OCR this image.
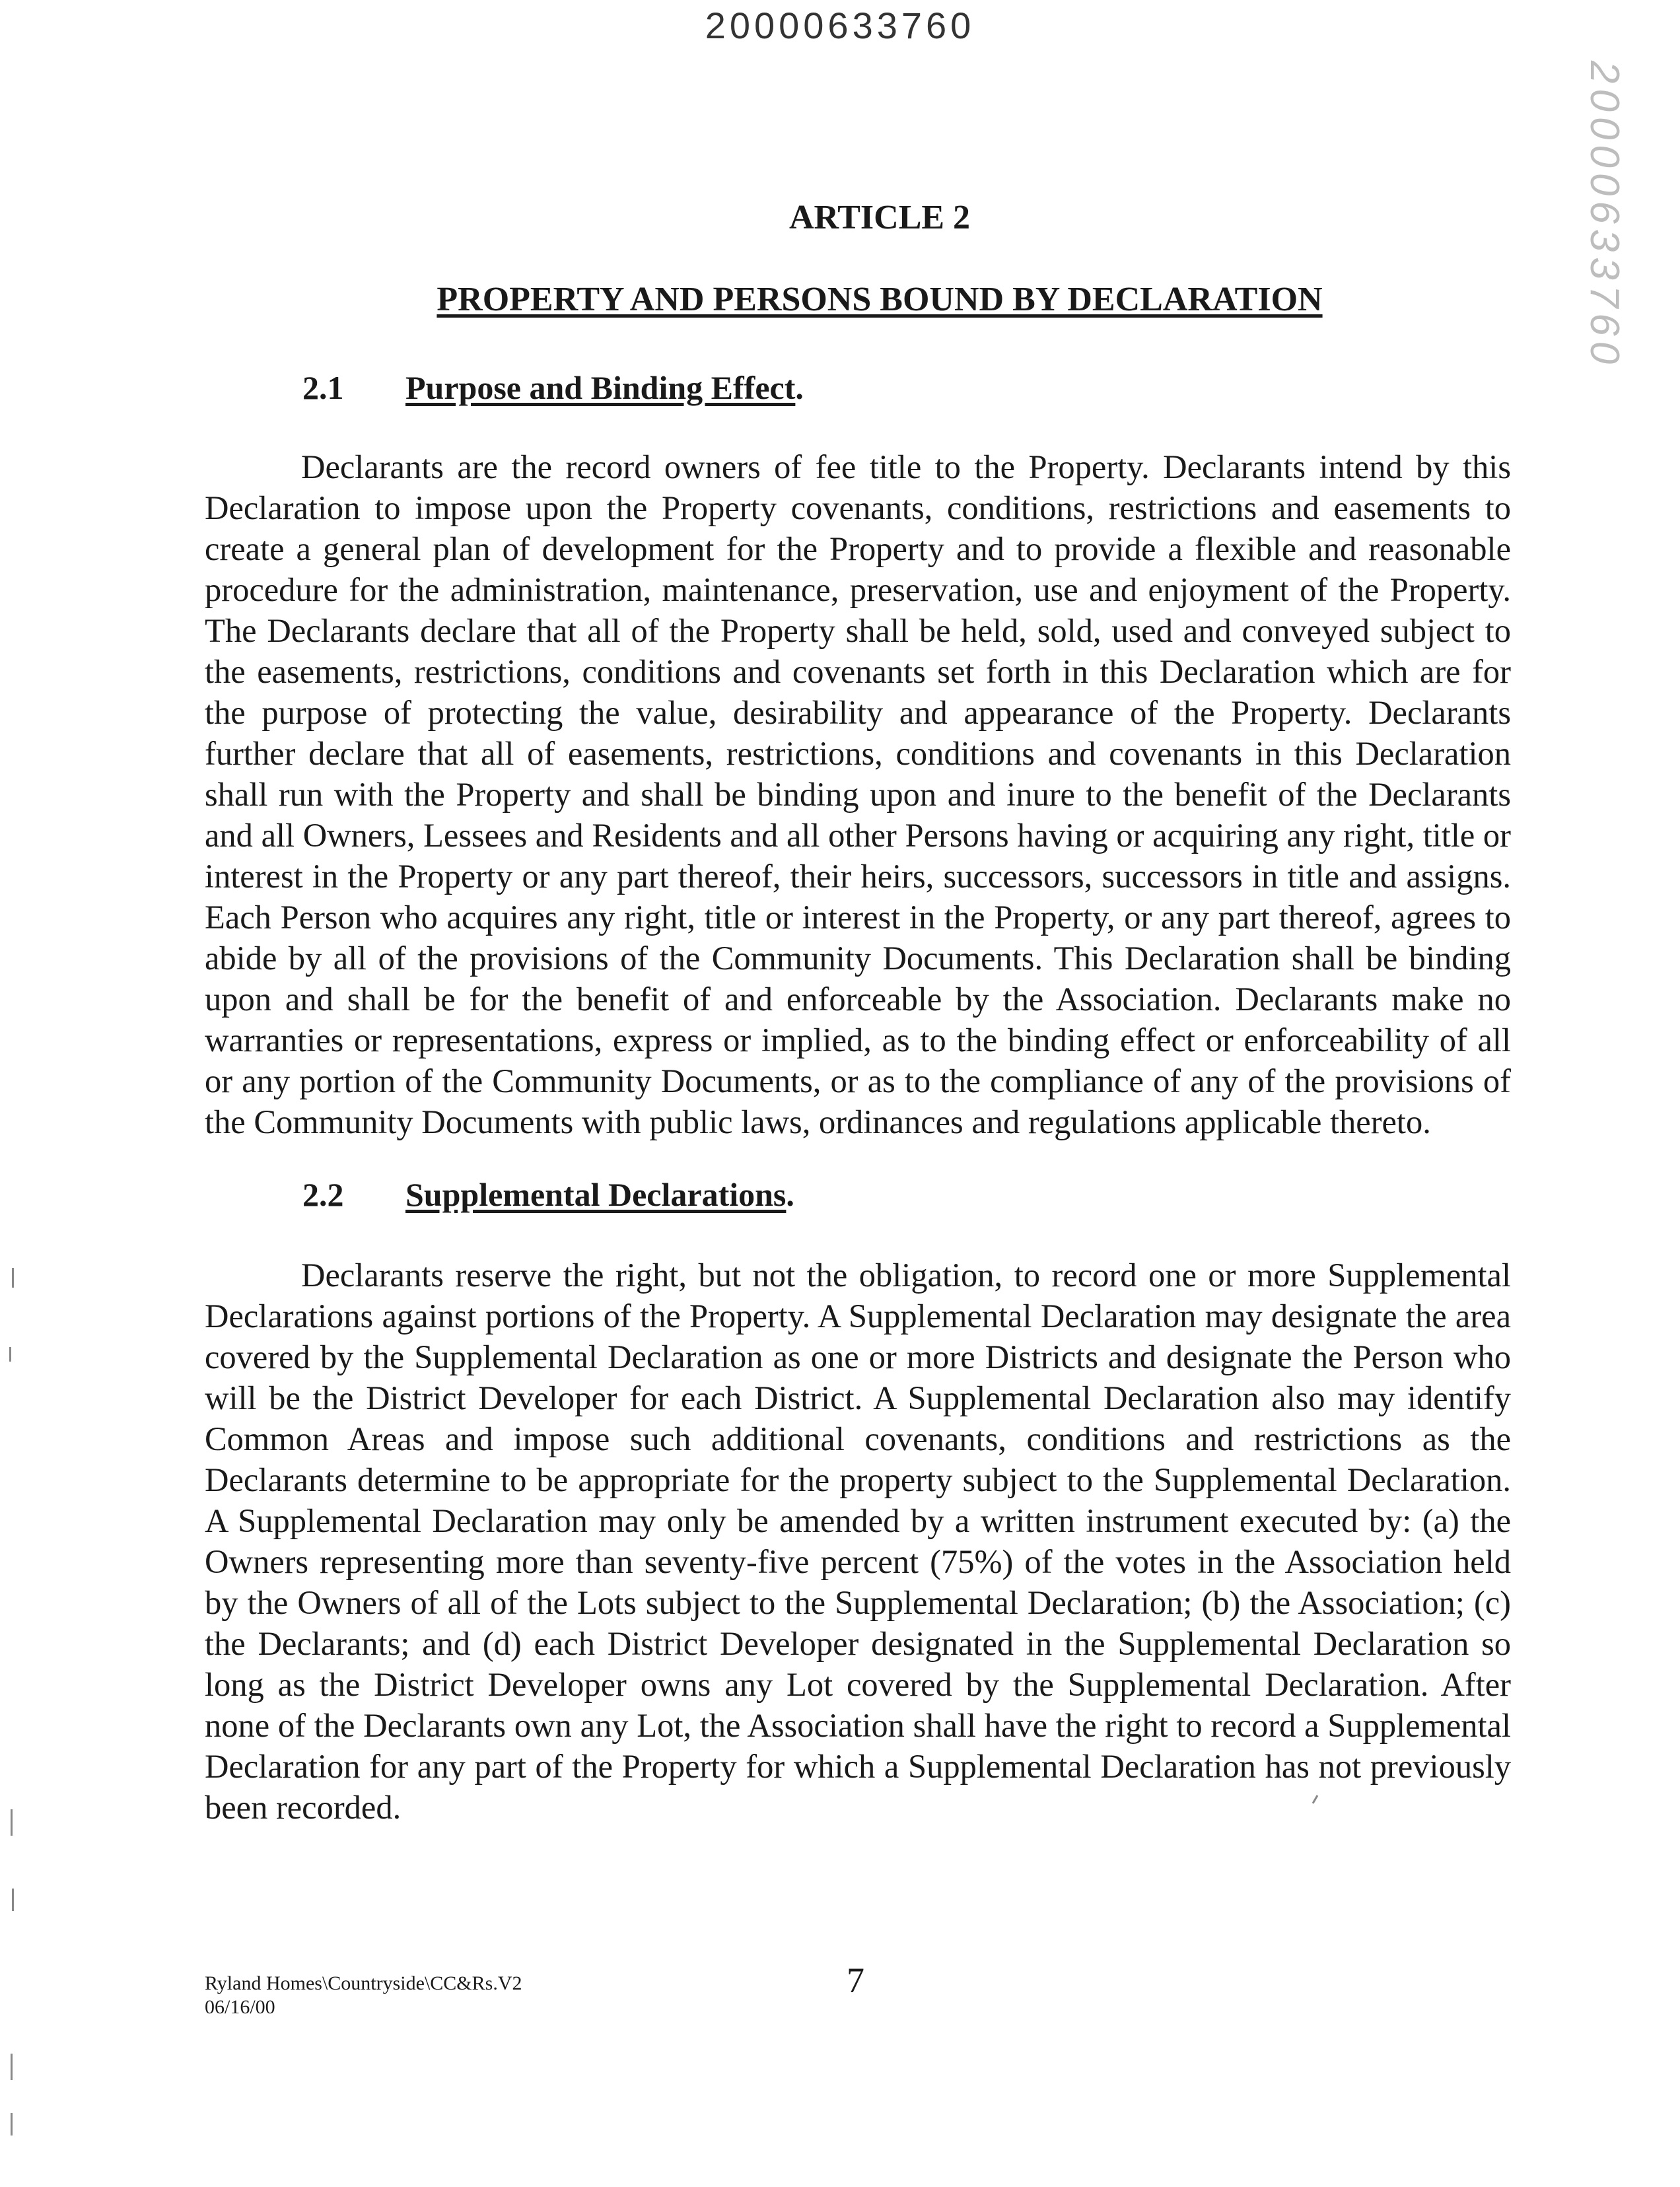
20000633760
20000633760
ARTICLE 2
PROPERTY AND PERSONS BOUND BY DECLARATION
2.1	Purpose and Binding Effect .

Declarants are the record owners of fee title to the Property. Declarants intend by this Declaration to impose upon the Property covenants, conditions, restrictions and easements to create a general plan of development for the Property and to provide a flexible and reasonable procedure for the administration, maintenance, preservation, use and enjoyment of the Property. The Declarants declare that all of the Property shall be held, sold, used and conveyed subject to the easements, restrictions, conditions and covenants set forth in this Declaration which are for the purpose of protecting the value, desirability and appearance of the Property. Declarants further declare that all of easements, restrictions, conditions and covenants in this Declaration shall run with the Property and shall be binding upon and inure to the benefit of the Declarants and all Owners, Lessees and Residents and all other Persons having or acquiring any right, title or interest in the Property or any part thereof, their heirs, successors, successors in title and assigns. Each Person who acquires any right, title or interest in the Property, or any part thereof, agrees to abide by all of the provisions of the Community Documents. This Declaration shall be binding upon and shall be for the benefit of and enforceable by the Association. Declarants make no warranties or representations, express or implied, as to the binding effect or enforceability of all or any portion of the Community Documents, or as to the compliance of any of the provisions of the Community Documents with public laws, ordinances and regulations applicable thereto.

2.2	Supplemental Declarations .

Declarants reserve the right, but not the obligation, to record one or more Supplemental Declarations against portions of the Property. A Supplemental Declaration may designate the area covered by the Supplemental Declaration as one or more Districts and designate the Person who will be the District Developer for each District. A Supplemental Declaration also may identify Common Areas and impose such additional covenants, conditions and restrictions as the Declarants determine to be appropriate for the property subject to the Supplemental Declaration. A Supplemental Declaration may only be amended by a written instrument executed by: (a) the Owners representing more than seventy-five percent (75%) of the votes in the Association held by the Owners of all of the Lots subject to the Supplemental Declaration; (b) the Association; (c) the Declarants; and (d) each District Developer designated in the Supplemental Declaration so long as the District Developer owns any Lot covered by the Supplemental Declaration. After none of the Declarants own any Lot, the Association shall have the right to record a Supplemental Declaration for any part of the Property for which a Supplemental Declaration has not previously been recorded.

Ryland Homes\Countryside\CC&Rs.V2
06/16/00
7
